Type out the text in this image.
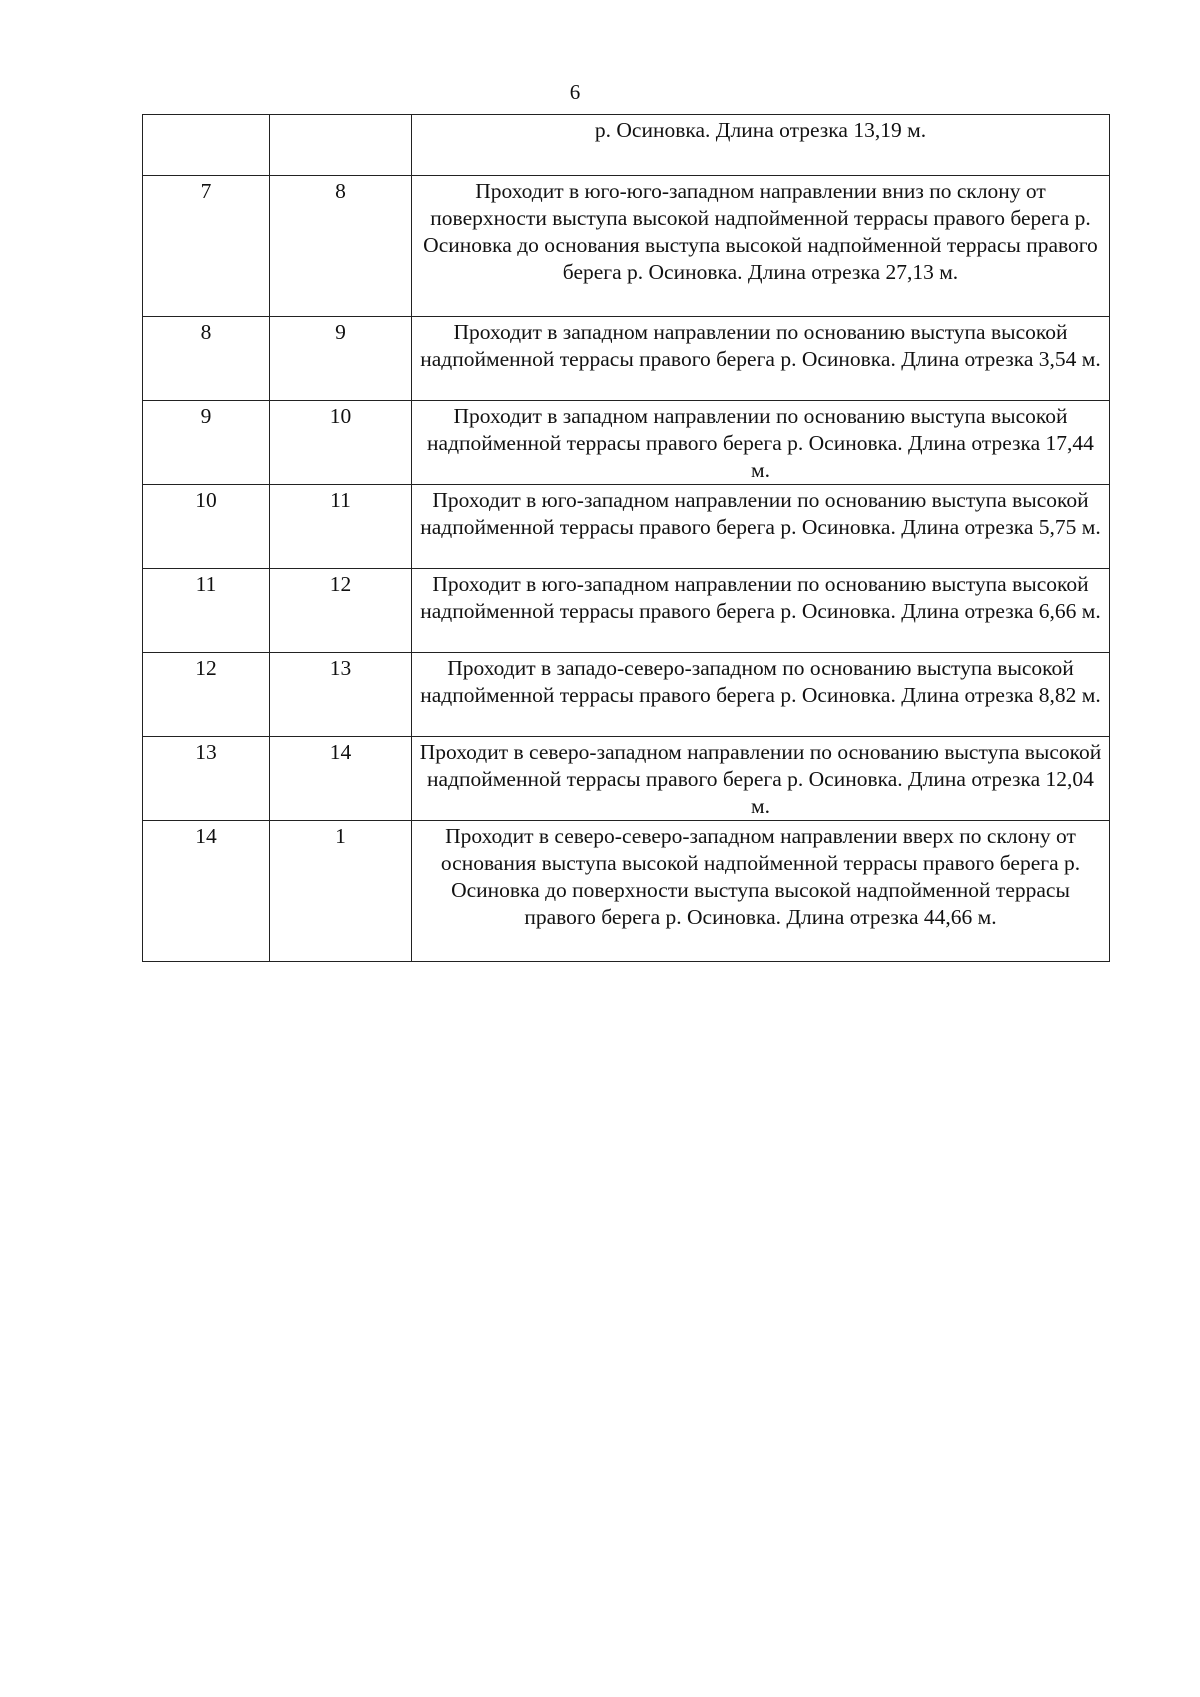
6
		р. Осиновка. Длина отрезка 13,19 м.
7	8	Проходит в юго-юго-западном направлении вниз по склону от поверхности выступа высокой надпойменной террасы правого берега р. Осиновка до основания выступа высокой надпойменной террасы правого берега р. Осиновка. Длина отрезка 27,13 м.
8	9	Проходит в западном направлении по основанию выступа высокой надпойменной террасы правого берега р. Осиновка. Длина отрезка 3,54 м.
9	10	Проходит в западном направлении по основанию выступа высокой надпойменной террасы правого берега р. Осиновка. Длина отрезка 17,44 м.
10	11	Проходит в юго-западном направлении по основанию выступа высокой надпойменной террасы правого берега р. Осиновка. Длина отрезка 5,75 м.
11	12	Проходит в юго-западном направлении по основанию выступа высокой надпойменной террасы правого берега р. Осиновка. Длина отрезка 6,66 м.
12	13	Проходит в западо-северо-западном по основанию выступа высокой надпойменной террасы правого берега р. Осиновка. Длина отрезка 8,82 м.
13	14	Проходит в северо-западном направлении по основанию выступа высокой надпойменной террасы правого берега р. Осиновка. Длина отрезка 12,04 м.
14	1	Проходит в северо-северо-западном направлении вверх по склону от основания выступа высокой надпойменной террасы правого берега р. Осиновка до поверхности выступа высокой надпойменной террасы правого берега р. Осиновка. Длина отрезка 44,66 м.
